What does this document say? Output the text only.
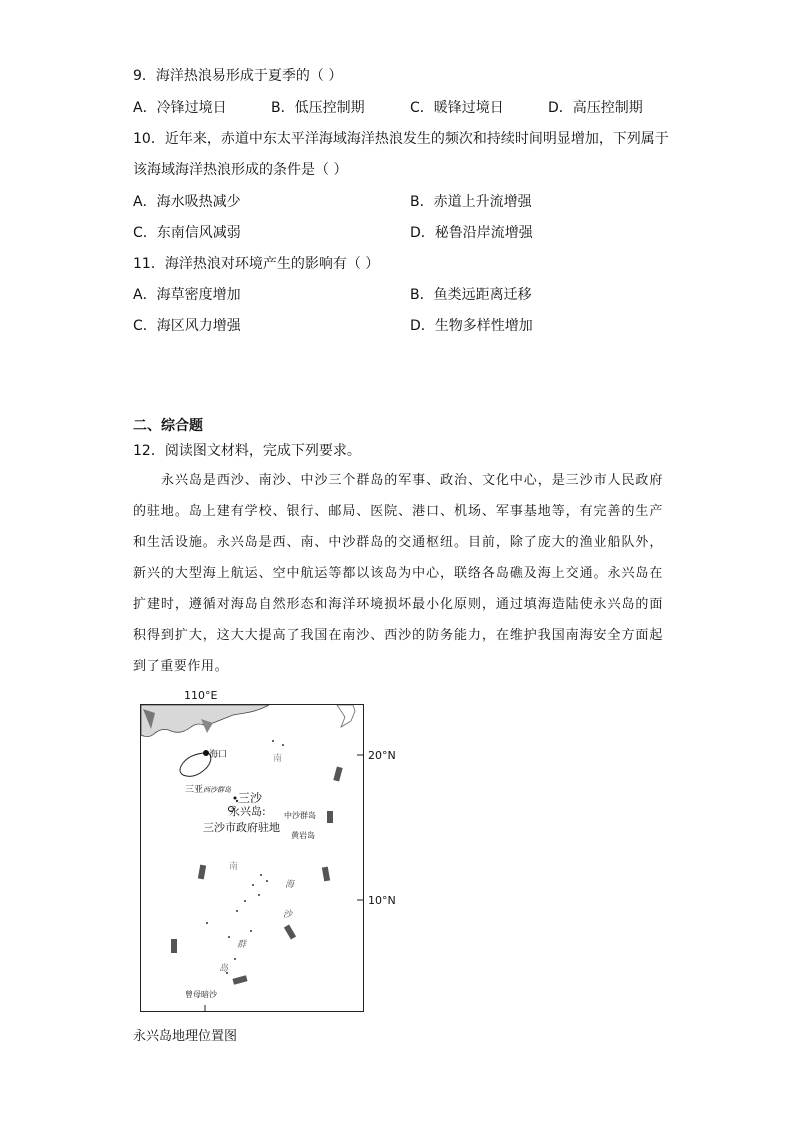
9．海洋热浪易形成于夏季的（ ）
A．冷锋过境日	B．低压控制期	C．暖锋过境日	D．高压控制期
10．近年来，赤道中东太平洋海域海洋热浪发生的频次和持续时间明显增加，下列属于
该海域海洋热浪形成的条件是（ ）
A．海水吸热减少	B．赤道上升流增强
C．东南信风减弱	D．秘鲁沿岸流增强
11．海洋热浪对环境产生的影响有（ ）
A．海草密度增加	B．鱼类远距离迁移
C．海区风力增强	D．生物多样性增加
二、综合题
12．阅读图文材料，完成下列要求。

永兴岛是西沙、南沙、中沙三个群岛的军事、政治、文化中心，是三沙市人民政府的驻地。岛上建有学校、银行、邮局、医院、港口、机场、军事基地等，有完善的生产和生活设施。永兴岛是西、南、中沙群岛的交通枢纽。目前，除了庞大的渔业船队外，新兴的大型海上航运、空中航运等都以该岛为中心，联络各岛礁及海上交通。永兴岛在扩建时，遵循对海岛自然形态和海洋环境损坏最小化原则，通过填海造陆使永兴岛的面积得到扩大，这大大提高了我国在南沙、西沙的防务能力，在维护我国南海安全方面起到了重要作用。

110°E
20°N
10°N
海口
三亚 西沙群岛
三沙
永兴岛:
三沙市政府驻地
中沙群岛
黄岩岛
南
南
海
沙
群
岛
曾母暗沙
永兴岛地理位置图
